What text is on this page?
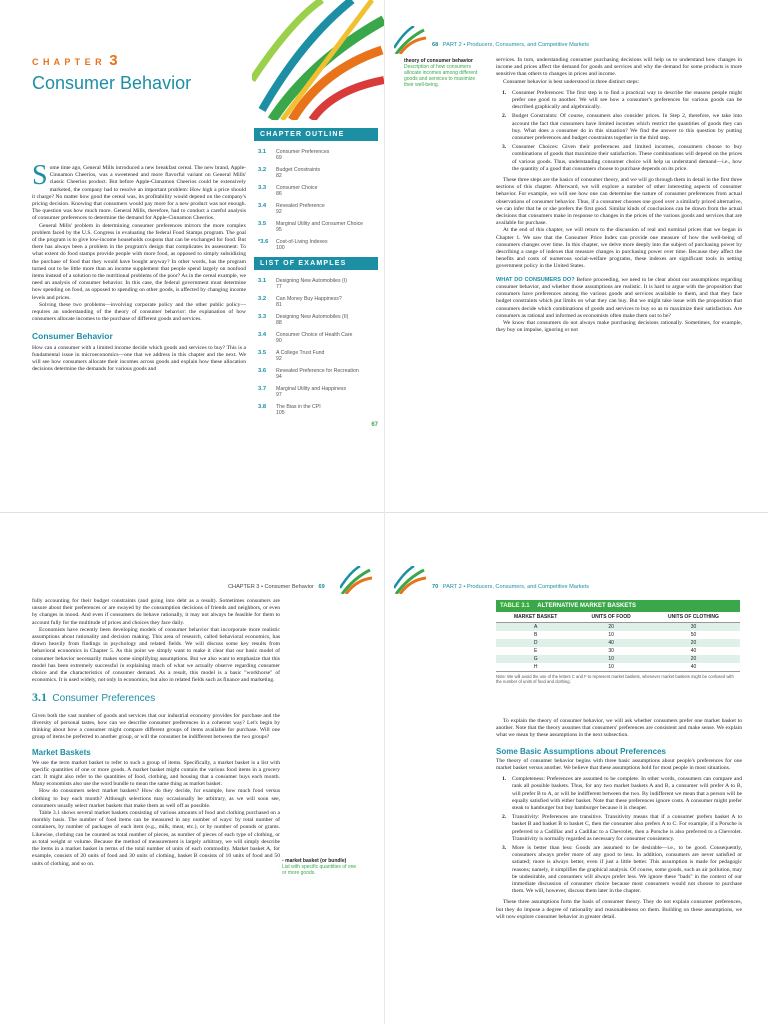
C H A P T E R 3
Consumer Behavior
CHAPTER OUTLINE
3.1	Consumer Preferences
69
3.2	Budget Constraints
82
3.3	Consumer Choice
86
3.4	Revealed Preference
92
3.5	Marginal Utility and Consumer Choice
95
*3.6	Cost-of-Living Indexes
100
LIST OF EXAMPLES
3.1	Designing New Automobiles (I)
77
3.2	Can Money Buy Happiness?
81
3.3	Designing New Automobiles (II)
88
3.4	Consumer Choice of Health Care
90
3.5	A College Trust Fund
92
3.6	Revealed Preference for Recreation
94
3.7	Marginal Utility and Happiness
97
3.8	The Bias in the CPI
105
67

Some time ago, General Mills introduced a new breakfast cereal. The new brand, Apple-Cinnamon Cheerios, was a sweetened and more flavorful variant on General Mills' classic Cheerios product. But before Apple-Cinnamon Cheerios could be extensively marketed, the company had to resolve an important problem: How high a price should it charge? No matter how good the cereal was, its profitability would depend on the company's pricing decision. Knowing that consumers would pay more for a new product was not enough. The question was how much more. General Mills, therefore, had to conduct a careful analysis of consumer preferences to determine the demand for Apple-Cinnamon Cheerios.

General Mills' problem in determining consumer preferences mirrors the more complex problem faced by the U.S. Congress in evaluating the federal Food Stamps program. The goal of the program is to give low-income households coupons that can be exchanged for food. But there has always been a problem in the program's design that complicates its assessment: To what extent do food stamps provide people with more food, as opposed to simply subsidizing the purchase of food that they would have bought anyway? In other words, has the program turned out to be little more than an income supplement that people spend largely on nonfood items instead of a solution to the nutritional problems of the poor? As in the cereal example, we need an analysis of consumer behavior. In this case, the federal government must determine how spending on food, as opposed to spending on other goods, is affected by changing income levels and prices.

Solving these two problems—involving corporate policy and the other public policy—requires an understanding of the theory of consumer behavior: the explanation of how consumers allocate incomes to the purchase of different goods and services.

Consumer Behavior

How can a consumer with a limited income decide which goods and services to buy? This is a fundamental issue in microeconomics—one that we address in this chapter and the next. We will see how consumers allocate their incomes across goods and explain how these allocation decisions determine the demands for various goods and

68 PART 2 • Producers, Consumers, and Competitive Markets
theory of consumer behavior Description of how consumers allocate incomes among different goods and services to maximize their well-being.

services. In turn, understanding consumer purchasing decisions will help us to understand how changes in income and prices affect the demand for goods and services and why the demand for some products is more sensitive than others to changes in prices and income.

Consumer behavior is best understood in three distinct steps:

1.	Consumer Preferences: The first step is to find a practical way to describe the reasons people might prefer one good to another. We will see how a consumer's preferences for various goods can be described graphically and algebraically.
2.	Budget Constraints: Of course, consumers also consider prices. In Step 2, therefore, we take into account the fact that consumers have limited incomes which restrict the quantities of goods they can buy. What does a consumer do in this situation? We find the answer to this question by putting consumer preferences and budget constraints together in the third step.
3.	Consumer Choices: Given their preferences and limited incomes, consumers choose to buy combinations of goods that maximize their satisfaction. These combinations will depend on the prices of various goods. Thus, understanding consumer choice will help us understand demand—i.e., how the quantity of a good that consumers choose to purchase depends on its price.

These three steps are the basics of consumer theory, and we will go through them in detail in the first three sections of this chapter. Afterward, we will explore a number of other interesting aspects of consumer behavior. For example, we will see how one can determine the nature of consumer preferences from actual observations of consumer behavior. Thus, if a consumer chooses one good over a similarly priced alternative, we can infer that he or she prefers the first good. Similar kinds of conclusions can be drawn from the actual decisions that consumers make in response to changes in the prices of the various goods and services that are available for purchase.

At the end of this chapter, we will return to the discussion of real and nominal prices that we began in Chapter 1. We saw that the Consumer Price Index can provide one measure of how the well-being of consumers changes over time. In this chapter, we delve more deeply into the subject of purchasing power by describing a range of indexes that measure changes in purchasing power over time. Because they affect the benefits and costs of numerous social-welfare programs, these indexes are significant tools in setting government policy in the United States.

WHAT DO CONSUMERS DO? Before proceeding, we need to be clear about our assumptions regarding consumer behavior, and whether those assumptions are realistic. It is hard to argue with the proposition that consumers have preferences among the various goods and services available to them, and that they face budget constraints which put limits on what they can buy. But we might take issue with the proposition that consumers decide which combinations of goods and services to buy so as to maximize their satisfaction. Are consumers as rational and informed as economists often make them out to be?

We know that consumers do not always make purchasing decisions rationally. Sometimes, for example, they buy on impulse, ignoring or not

CHAPTER 3 • Consumer Behavior 69

fully accounting for their budget constraints (and going into debt as a result). Sometimes consumers are unsure about their preferences or are swayed by the consumption decisions of friends and neighbors, or even by changes in mood. And even if consumers do behave rationally, it may not always be feasible for them to account fully for the multitude of prices and choices they face daily.

Economists have recently been developing models of consumer behavior that incorporate more realistic assumptions about rationality and decision making. This area of research, called behavioral economics, has drawn heavily from findings in psychology and related fields. We will discuss some key results from behavioral economics in Chapter 5. As this point we simply want to make it clear that our basic model of consumer behavior necessarily makes some simplifying assumptions. But we also want to emphasize that this model has been extremely successful in explaining much of what we actually observe regarding consumer choice and the characteristics of consumer demand. As a result, this model is a basic "workhorse" of economics. It is used widely, not only in economics, but also in related fields such as finance and marketing.

3.1 Consumer Preferences

Given both the vast number of goods and services that our industrial economy provides for purchase and the diversity of personal tastes, how can we describe consumer preferences in a coherent way? Let's begin by thinking about how a consumer might compare different groups of items available for purchase. Will one group of items be preferred to another group, or will the consumer be indifferent between the two groups?

Market Baskets

We use the term market basket to refer to such a group of items. Specifically, a market basket is a list with specific quantities of one or more goods. A market basket might contain the various food items in a grocery cart. It might also refer to the quantities of food, clothing, and housing that a consumer buys each month. Many economists also use the word bundle to mean the same thing as market basket.

How do consumers select market baskets? How do they decide, for example, how much food versus clothing to buy each month? Although selections may occasionally be arbitrary, as we will soon see, consumers usually select market baskets that make them as well off as possible.

Table 3.1 shows several market baskets consisting of various amounts of food and clothing purchased on a monthly basis. The number of food items can be measured in any number of ways: by total number of containers, by number of packages of each item (e.g., milk, meat, etc.), or by number of pounds or grams. Likewise, clothing can be counted as total number of pieces, as number of pieces of each type of clothing, or as total weight or volume. Because the method of measurement is largely arbitrary, we will simply describe the items in a market basket in terms of the total number of units of each commodity. Market basket A, for example, consists of 20 units of food and 30 units of clothing, basket B consists of 10 units of food and 50 units of clothing, and so on.	• market basket (or bundle)
List with specific quantities of one or more goods.
70 PART 2 • Producers, Consumers, and Competitive Markets
TABLE 3.1 ALTERNATIVE MARKET BASKETS
MARKET BASKET	UNITS OF FOOD	UNITS OF CLOTHING
A	20	30
B	10	50
D	40	20
E	30	40
G	10	20
H	10	40
Note: We will avoid the use of the letters C and F to represent market baskets, whenever market baskets might be confused with the number of units of food and clothing.

To explain the theory of consumer behavior, we will ask whether consumers prefer one market basket to another. Note that the theory assumes that consumers' preferences are consistent and make sense. We explain what we mean by these assumptions in the next subsection.

Some Basic Assumptions about Preferences

The theory of consumer behavior begins with three basic assumptions about people's preferences for one market basket versus another. We believe that these assumptions hold for most people in most situations.

1.	Completeness: Preferences are assumed to be complete. In other words, consumers can compare and rank all possible baskets. Thus, for any two market baskets A and B, a consumer will prefer A to B, will prefer B to A, or will be indifferent between the two. By indifferent we mean that a person will be equally satisfied with either basket. Note that these preferences ignore costs. A consumer might prefer steak to hamburger but buy hamburger because it is cheaper.
2.	Transitivity: Preferences are transitive. Transitivity means that if a consumer prefers basket A to basket B and basket B to basket C, then the consumer also prefers A to C. For example, if a Porsche is preferred to a Cadillac and a Cadillac to a Chevrolet, then a Porsche is also preferred to a Chevrolet. Transitivity is normally regarded as necessary for consumer consistency.
3.	More is better than less: Goods are assumed to be desirable—i.e., to be good. Consequently, consumers always prefer more of any good to less. In addition, consumers are never satisfied or satiated; more is always better, even if just a little better. This assumption is made for pedagogic reasons; namely, it simplifies the graphical analysis. Of course, some goods, such as air pollution, may be undesirable, and consumers will always prefer less. We ignore these "bads" in the context of our immediate discussion of consumer choice because most consumers would not choose to purchase them. We will, however, discuss them later in the chapter.

These three assumptions form the basis of consumer theory. They do not explain consumer preferences, but they do impose a degree of rationality and reasonableness on them. Building on these assumptions, we will now explore consumer behavior in greater detail.
